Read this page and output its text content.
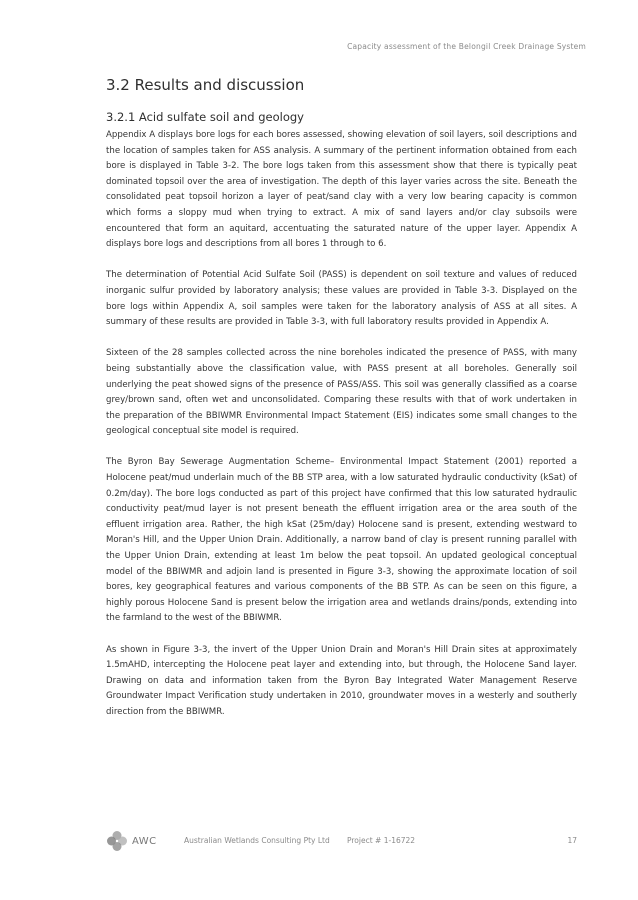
Capacity assessment of the Belongil Creek Drainage System
3.2 Results and discussion
3.2.1 Acid sulfate soil and geology

Appendix A displays bore logs for each bores assessed, showing elevation of soil layers, soil descriptions and the location of samples taken for ASS analysis. A summary of the pertinent information obtained from each bore is displayed in Table 3-2. The bore logs taken from this assessment show that there is typically peat dominated topsoil over the area of investigation. The depth of this layer varies across the site. Beneath the consolidated peat topsoil horizon a layer of peat/sand clay with a very low bearing capacity is common which forms a sloppy mud when trying to extract. A mix of sand layers and/or clay subsoils were encountered that form an aquitard, accentuating the saturated nature of the upper layer. Appendix A displays bore logs and descriptions from all bores 1 through to 6.

The determination of Potential Acid Sulfate Soil (PASS) is dependent on soil texture and values of reduced inorganic sulfur provided by laboratory analysis; these values are provided in Table 3-3. Displayed on the bore logs within Appendix A, soil samples were taken for the laboratory analysis of ASS at all sites. A summary of these results are provided in Table 3-3, with full laboratory results provided in Appendix A.

Sixteen of the 28 samples collected across the nine boreholes indicated the presence of PASS, with many being substantially above the classification value, with PASS present at all boreholes. Generally soil underlying the peat showed signs of the presence of PASS/ASS. This soil was generally classified as a coarse grey/brown sand, often wet and unconsolidated. Comparing these results with that of work undertaken in the preparation of the BBIWMR Environmental Impact Statement (EIS) indicates some small changes to the geological conceptual site model is required.

The Byron Bay Sewerage Augmentation Scheme– Environmental Impact Statement (2001) reported a Holocene peat/mud underlain much of the BB STP area, with a low saturated hydraulic conductivity (kSat) of 0.2m/day). The bore logs conducted as part of this project have confirmed that this low saturated hydraulic conductivity peat/mud layer is not present beneath the effluent irrigation area or the area south of the effluent irrigation area. Rather, the high kSat (25m/day) Holocene sand is present, extending westward to Moran's Hill, and the Upper Union Drain. Additionally, a narrow band of clay is present running parallel with the Upper Union Drain, extending at least 1m below the peat topsoil. An updated geological conceptual model of the BBIWMR and adjoin land is presented in Figure 3-3, showing the approximate location of soil bores, key geographical features and various components of the BB STP. As can be seen on this figure, a highly porous Holocene Sand is present below the irrigation area and wetlands drains/ponds, extending into the farmland to the west of the BBIWMR.

As shown in Figure 3-3, the invert of the Upper Union Drain and Moran's Hill Drain sites at approximately 1.5mAHD, intercepting the Holocene peat layer and extending into, but through, the Holocene Sand layer. Drawing on data and information taken from the Byron Bay Integrated Water Management Reserve Groundwater Impact Verification study undertaken in 2010, groundwater moves in a westerly and southerly direction from the BBIWMR.

AWC	Australian Wetlands Consulting Pty Ltd Project # 1-16722	17
